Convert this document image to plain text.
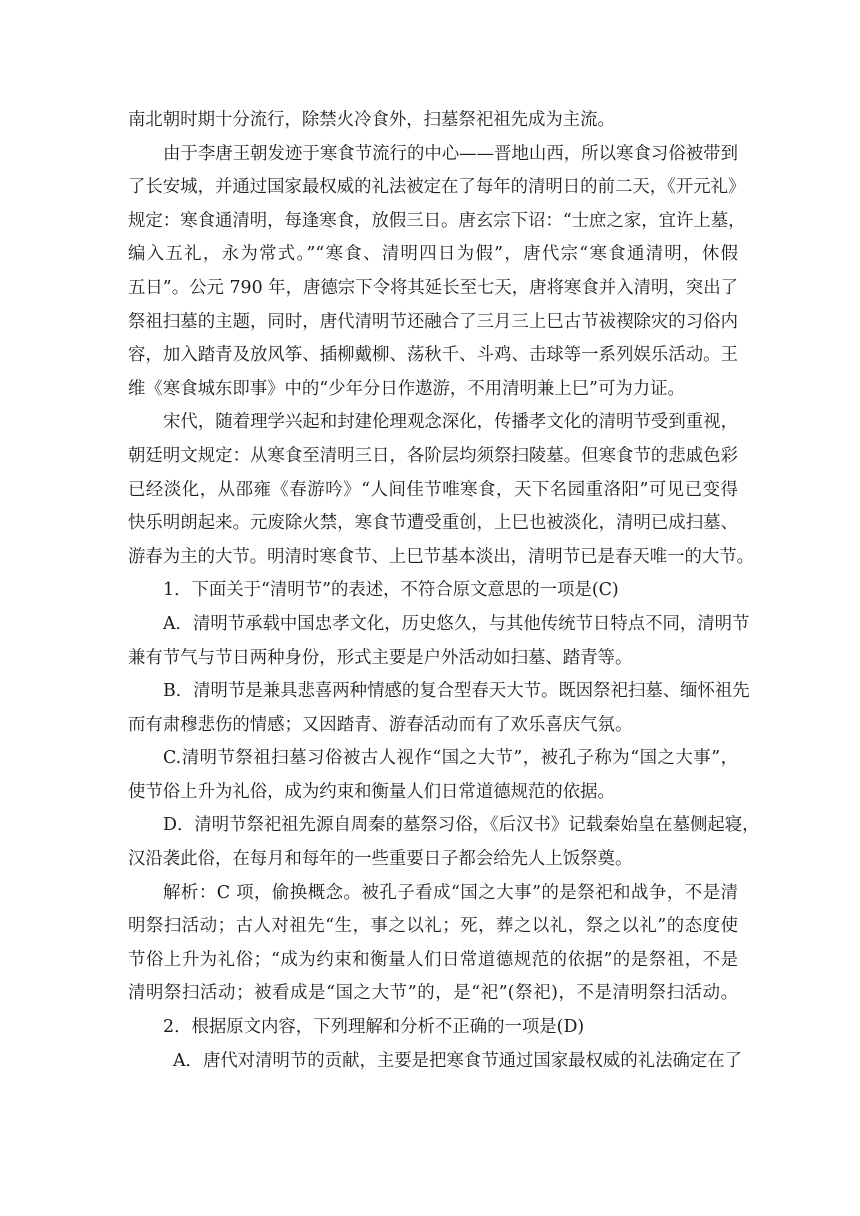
南北朝时期十分流行，除禁火冷食外，扫墓祭祀祖先成为主流。
由于李唐王朝发迹于寒食节流行的中心——晋地山西，所以寒食习俗被带到
了长安城，并通过国家最权威的礼法被定在了每年的清明日的前二天，《开元礼》
规定：寒食通清明，每逢寒食，放假三日。唐玄宗下诏：“士庶之家，宜许上墓，
编入五礼，永为常式。”“寒食、清明四日为假”，唐代宗“寒食通清明，休假
五日”。公元 790 年，唐德宗下令将其延长至七天，唐将寒食并入清明，突出了
祭祖扫墓的主题，同时，唐代清明节还融合了三月三上巳古节祓禊除灾的习俗内
容，加入踏青及放风筝、插柳戴柳、荡秋千、斗鸡、击球等一系列娱乐活动。王
维《寒食城东即事》中的“少年分日作遨游，不用清明兼上巳”可为力证。
宋代，随着理学兴起和封建伦理观念深化，传播孝文化的清明节受到重视，
朝廷明文规定：从寒食至清明三日，各阶层均须祭扫陵墓。但寒食节的悲戚色彩
已经淡化，从邵雍《春游吟》“人间佳节唯寒食，天下名园重洛阳”可见已变得
快乐明朗起来。元废除火禁，寒食节遭受重创，上巳也被淡化，清明已成扫墓、
游春为主的大节。明清时寒食节、上巳节基本淡出，清明节已是春天唯一的大节。
1．下面关于“清明节”的表述，不符合原文意思的一项是(C)
A．清明节承载中国忠孝文化，历史悠久，与其他传统节日特点不同，清明节
兼有节气与节日两种身份，形式主要是户外活动如扫墓、踏青等。
B．清明节是兼具悲喜两种情感的复合型春天大节。既因祭祀扫墓、缅怀祖先
而有肃穆悲伤的情感；又因踏青、游春活动而有了欢乐喜庆气氛。
C.清明节祭祖扫墓习俗被古人视作“国之大节”，被孔子称为“国之大事”，
使节俗上升为礼俗，成为约束和衡量人们日常道德规范的依据。
D．清明节祭祀祖先源自周秦的墓祭习俗，《后汉书》记载秦始皇在墓侧起寝，
汉沿袭此俗，在每月和每年的一些重要日子都会给先人上饭祭奠。
解析：C 项，偷换概念。被孔子看成“国之大事”的是祭祀和战争，不是清
明祭扫活动；古人对祖先“生，事之以礼；死，葬之以礼，祭之以礼”的态度使
节俗上升为礼俗；“成为约束和衡量人们日常道德规范的依据”的是祭祖，不是
清明祭扫活动；被看成是“国之大节”的，是“祀”(祭祀)，不是清明祭扫活动。
2．根据原文内容，下列理解和分析不正确的一项是(D)
A．唐代对清明节的贡献，主要是把寒食节通过国家最权威的礼法确定在了
